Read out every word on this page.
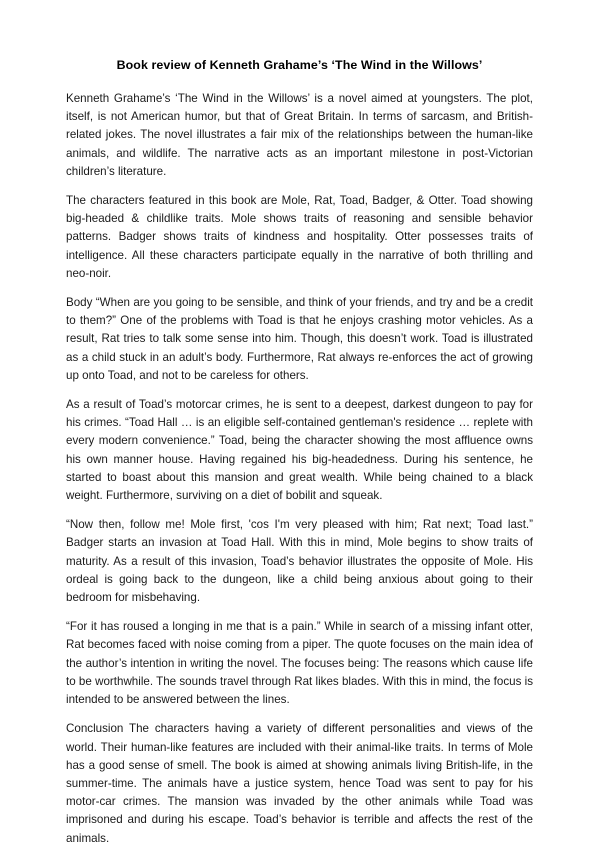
Book review of Kenneth Grahame’s ‘The Wind in the Willows’

Kenneth Grahame’s ‘The Wind in the Willows’ is a novel aimed at youngsters. The plot, itself, is not American humor, but that of Great Britain. In terms of sarcasm, and British-related jokes. The novel illustrates a fair mix of the relationships between the human-like animals, and wildlife. The narrative acts as an important milestone in post-Victorian children’s literature.

The characters featured in this book are Mole, Rat, Toad, Badger, & Otter. Toad showing big-headed & childlike traits. Mole shows traits of reasoning and sensible behavior patterns. Badger shows traits of kindness and hospitality. Otter possesses traits of intelligence. All these characters participate equally in the narrative of both thrilling and neo-noir.

Body “When are you going to be sensible, and think of your friends, and try and be a credit to them?” One of the problems with Toad is that he enjoys crashing motor vehicles. As a result, Rat tries to talk some sense into him. Though, this doesn’t work. Toad is illustrated as a child stuck in an adult’s body. Furthermore, Rat always re-enforces the act of growing up onto Toad, and not to be careless for others.

As a result of Toad’s motorcar crimes, he is sent to a deepest, darkest dungeon to pay for his crimes. “Toad Hall … is an eligible self-contained gentleman's residence … replete with every modern convenience.” Toad, being the character showing the most affluence owns his own manner house. Having regained his big-headedness. During his sentence, he started to boast about this mansion and great wealth. While being chained to a black weight. Furthermore, surviving on a diet of bobilit and squeak.

“Now then, follow me! Mole first, 'cos I'm very pleased with him; Rat next; Toad last.” Badger starts an invasion at Toad Hall. With this in mind, Mole begins to show traits of maturity. As a result of this invasion, Toad’s behavior illustrates the opposite of Mole. His ordeal is going back to the dungeon, like a child being anxious about going to their bedroom for misbehaving.

“For it has roused a longing in me that is a pain.” While in search of a missing infant otter, Rat becomes faced with noise coming from a piper. The quote focuses on the main idea of the author’s intention in writing the novel. The focuses being: The reasons which cause life to be worthwhile. The sounds travel through Rat likes blades. With this in mind, the focus is intended to be answered between the lines.

Conclusion The characters having a variety of different personalities and views of the world. Their human-like features are included with their animal-like traits. In terms of Mole has a good sense of smell. The book is aimed at showing animals living British-life, in the summer-time. The animals have a justice system, hence Toad was sent to pay for his motor-car crimes. The mansion was invaded by the other animals while Toad was imprisoned and during his escape. Toad’s behavior is terrible and affects the rest of the animals.
